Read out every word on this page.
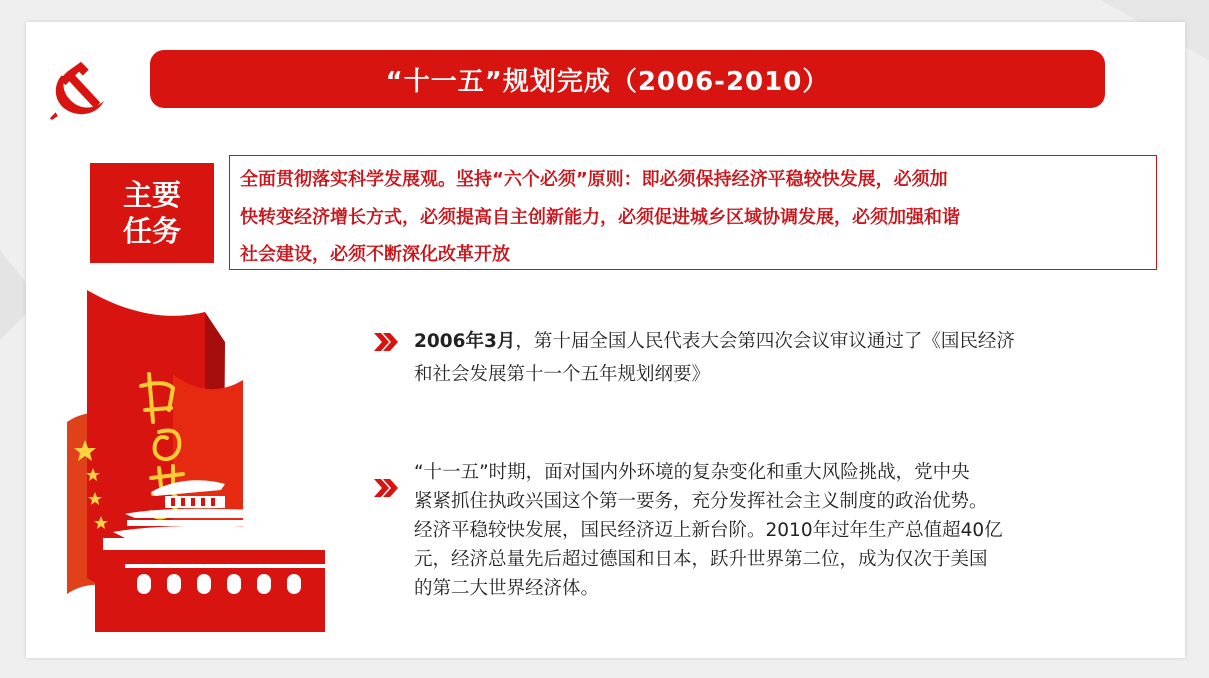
“十一五”规划完成（2006-2010）
主要
任务
全面贯彻落实科学发展观。坚持“六个必须”原则：即必须保持经济平稳较快发展，必须加
快转变经济增长方式，必须提高自主创新能力，必须促进城乡区域协调发展，必须加强和谐
社会建设，必须不断深化改革开放
2006年3月，第十届全国人民代表大会第四次会议审议通过了《国民经济
和社会发展第十一个五年规划纲要》
“十一五”时期，面对国内外环境的复杂变化和重大风险挑战，党中央
紧紧抓住执政兴国这个第一要务，充分发挥社会主义制度的政治优势。
经济平稳较快发展，国民经济迈上新台阶。2010年过年生产总值超40亿
元，经济总量先后超过德国和日本，跃升世界第二位，成为仅次于美国
的第二大世界经济体。
